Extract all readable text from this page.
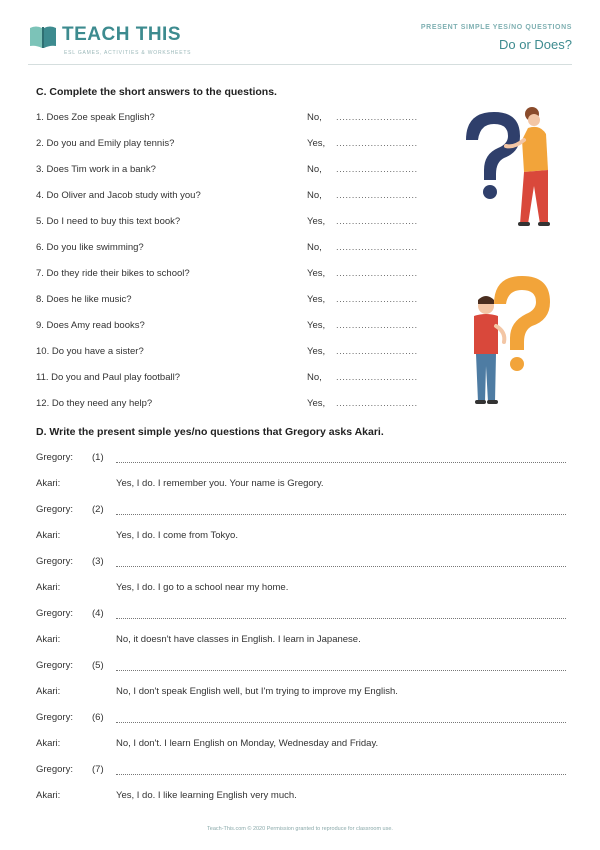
TEACH THIS
ESL GAMES, ACTIVITIES & WORKSHEETS
PRESENT SIMPLE YES/NO QUESTIONS
Do or Does?
C. Complete the short answers to the questions.
1. Does Zoe speak English?	No, ..........................
2. Do you and Emily play tennis?	Yes, ..........................
3. Does Tim work in a bank?	No, ..........................
4. Do Oliver and Jacob study with you?	No, ..........................
5. Do I need to buy this text book?	Yes, ..........................
6. Do you like swimming?	No, ..........................
7. Do they ride their bikes to school?	Yes, ..........................
8. Does he like music?	Yes, ..........................
9. Does Amy read books?	Yes, ..........................
10. Do you have a sister?	Yes, ..........................
11. Do you and Paul play football?	No, ..........................
12. Do they need any help?	Yes, ..........................
D. Write the present simple yes/no questions that Gregory asks Akari.
Gregory: (1)
Akari:	Yes, I do. I remember you. Your name is Gregory.
Gregory: (2)
Akari:	Yes, I do. I come from Tokyo.
Gregory: (3)
Akari:	Yes, I do. I go to a school near my home.
Gregory: (4)
Akari:	No, it doesn't have classes in English. I learn in Japanese.
Gregory: (5)
Akari:	No, I don't speak English well, but I'm trying to improve my English.
Gregory: (6)
Akari:	No, I don't. I learn English on Monday, Wednesday and Friday.
Gregory: (7)
Akari:	Yes, I do. I like learning English very much.
Teach-This.com © 2020 Permission granted to reproduce for classroom use.
